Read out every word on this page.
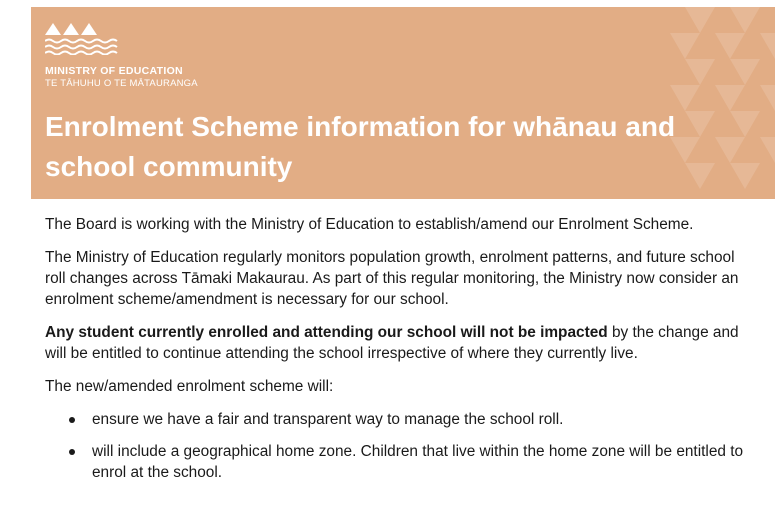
MINISTRY OF EDUCATION
TE TĀHUHU O TE MĀTAURANGA
Enrolment Scheme information for whānau and school community

The Board is working with the Ministry of Education to establish/amend our Enrolment Scheme.

The Ministry of Education regularly monitors population growth, enrolment patterns, and future school roll changes across Tāmaki Makaurau. As part of this regular monitoring, the Ministry now consider an enrolment scheme/amendment is necessary for our school.

Any student currently enrolled and attending our school will not be impacted by the change and will be entitled to continue attending the school irrespective of where they currently live.

The new/amended enrolment scheme will:

ensure we have a fair and transparent way to manage the school roll.
will include a geographical home zone. Children that live within the home zone will be entitled to enrol at the school.
